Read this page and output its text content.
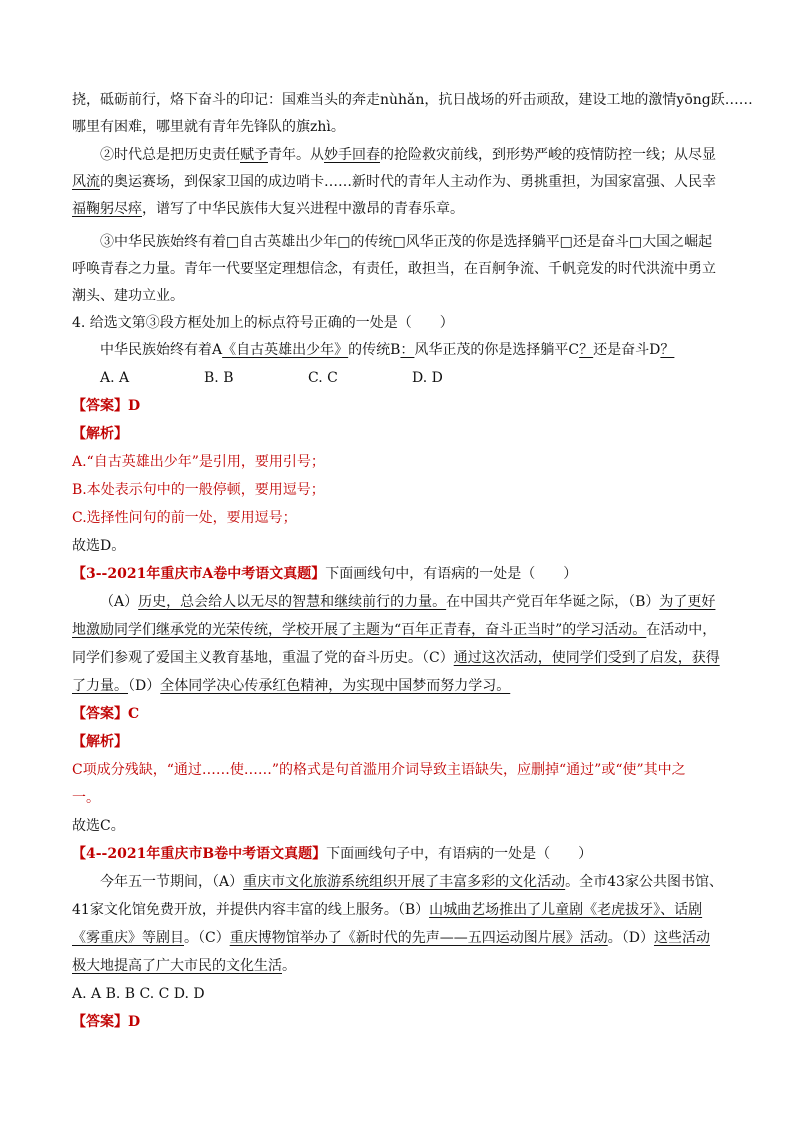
挠，砥砺前行，烙下奋斗的印记：国难当头的奔走nùhǎn，抗日战场的歼击顽敌，建设工地的激情yōng跃……
哪里有困难，哪里就有青年先锋队的旗zhì。
②时代总是把历史责任赋予青年。从妙手回春的抢险救灾前线，到形势严峻的疫情防控一线；从尽显
风流的奥运赛场，到保家卫国的成边哨卡……新时代的青年人主动作为、勇挑重担，为国家富强、人民幸
福鞠躬尽瘁，谱写了中华民族伟大复兴进程中激昂的青春乐章。
③中华民族始终有着□自古英雄出少年□的传统□风华正茂的你是选择躺平□还是奋斗□大国之崛起
呼唤青春之力量。青年一代要坚定理想信念，有责任，敢担当，在百舸争流、千帆竞发的时代洪流中勇立
潮头、建功立业。
4. 给选文第③段方框处加上的标点符号正确的一处是（　　）
中华民族始终有着A《自古英雄出少年》的传统B：风华正茂的你是选择躺平C？还是奋斗D？
A. A	B. B	C. C	D. D
【答案】D
【解析】
A.“自古英雄出少年”是引用，要用引号；
B.本处表示句中的一般停顿，要用逗号；
C.选择性问句的前一处，要用逗号；
故选D。
【3--2021年重庆市A卷中考语文真题】下面画线句中，有语病的一处是（　　）
（A）历史，总会给人以无尽的智慧和继续前行的力量。在中国共产党百年华诞之际，（B）为了更好
地激励同学们继承党的光荣传统，学校开展了主题为“百年正青春，奋斗正当时”的学习活动。在活动中，
同学们参观了爱国主义教育基地，重温了党的奋斗历史。（C）通过这次活动，使同学们受到了启发，获得
了力量。（D）全体同学决心传承红色精神，为实现中国梦而努力学习。
【答案】C
【解析】
C项成分残缺，“通过……使……”的格式是句首滥用介词导致主语缺失，应删掉“通过”或“使”其中之
一。
故选C。
【4--2021年重庆市B卷中考语文真题】下面画线句子中，有语病的一处是（　　）
今年五一节期间，（A）重庆市文化旅游系统组织开展了丰富多彩的文化活动。全市43家公共图书馆、
41家文化馆免费开放，并提供内容丰富的线上服务。（B）山城曲艺场推出了儿童剧《老虎拔牙》、话剧
《雾重庆》等剧目。（C）重庆博物馆举办了《新时代的先声——五四运动图片展》活动。（D）这些活动
极大地提高了广大市民的文化生活。
A. A B. B C. C D. D
【答案】D
